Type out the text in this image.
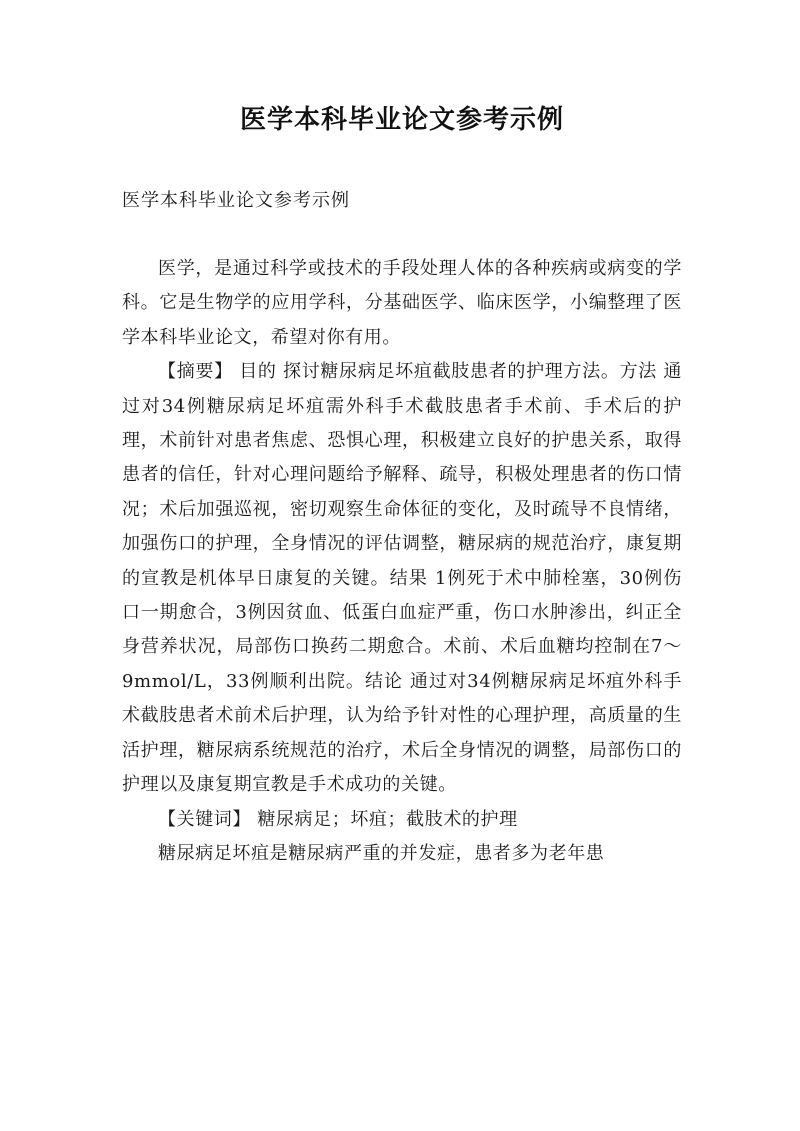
医学本科毕业论文参考示例
医学本科毕业论文参考示例

医学，是通过科学或技术的手段处理人体的各种疾病或病变的学科。它是生物学的应用学科，分基础医学、临床医学，小编整理了医学本科毕业论文，希望对你有用。

【摘要】 目的 探讨糖尿病足坏疽截肢患者的护理方法。方法 通过对34例糖尿病足坏疽需外科手术截肢患者手术前、手术后的护理，术前针对患者焦虑、恐惧心理，积极建立良好的护患关系，取得患者的信任，针对心理问题给予解释、疏导，积极处理患者的伤口情况；术后加强巡视，密切观察生命体征的变化，及时疏导不良情绪，加强伤口的护理，全身情况的评估调整，糖尿病的规范治疗，康复期的宣教是机体早日康复的关键。结果 1例死于术中肺栓塞，30例伤口一期愈合，3例因贫血、低蛋白血症严重，伤口水肿渗出，纠正全身营养状况，局部伤口换药二期愈合。术前、术后血糖均控制在7～9mmol/L，33例顺利出院。结论 通过对34例糖尿病足坏疽外科手术截肢患者术前术后护理，认为给予针对性的心理护理，高质量的生活护理，糖尿病系统规范的治疗，术后全身情况的调整，局部伤口的护理以及康复期宣教是手术成功的关键。

【关键词】 糖尿病足；坏疽；截肢术的护理

糖尿病足坏疽是糖尿病严重的并发症，患者多为老年患
